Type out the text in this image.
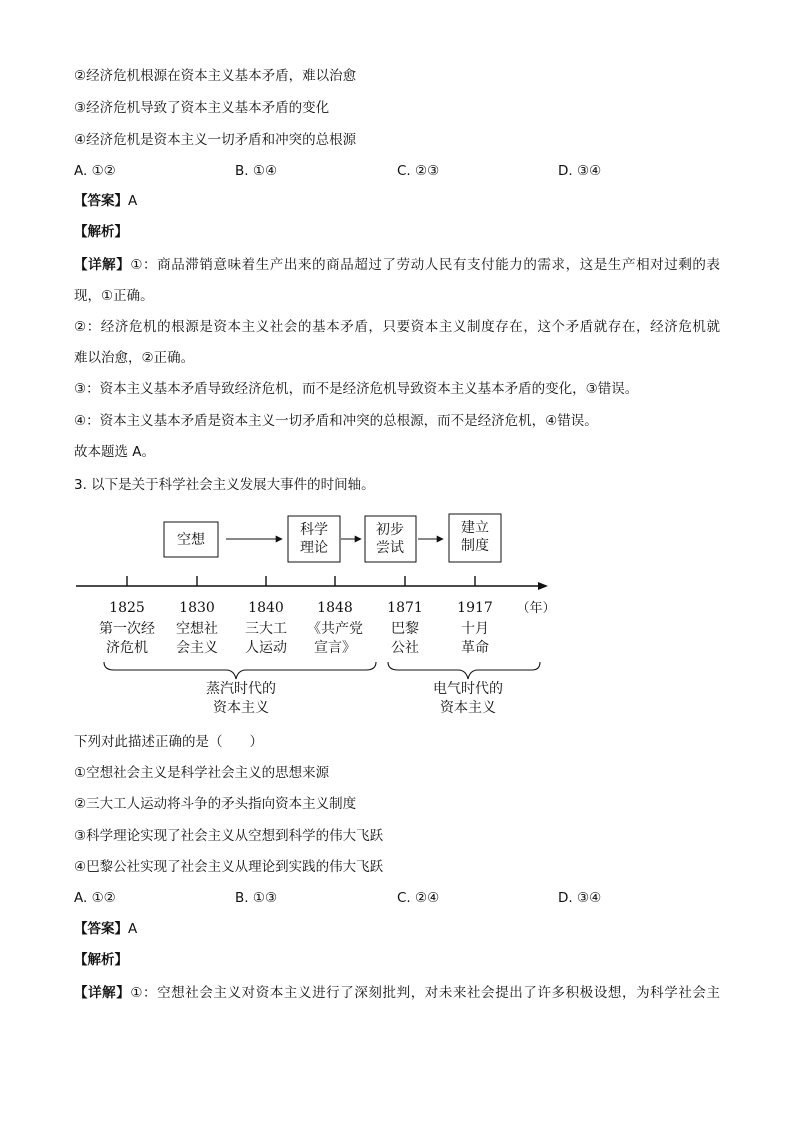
②经济危机根源在资本主义基本矛盾，难以治愈
③经济危机导致了资本主义基本矛盾的变化
④经济危机是资本主义一切矛盾和冲突的总根源
A. ①②	B. ①④	C. ②③	D. ③④
【答案】A
【解析】
【详解】①：商品滞销意味着生产出来的商品超过了劳动人民有支付能力的需求，这是生产相对过剩的表
现，①正确。
②：经济危机的根源是资本主义社会的基本矛盾，只要资本主义制度存在，这个矛盾就存在，经济危机就
难以治愈，②正确。
③：资本主义基本矛盾导致经济危机，而不是经济危机导致资本主义基本矛盾的变化，③错误。
④：资本主义基本矛盾是资本主义一切矛盾和冲突的总根源，而不是经济危机，④错误。
故本题选 A。
3. 以下是关于科学社会主义发展大事件的时间轴。
空想
科学理论
初步尝试
建立制度
1825 1830 1840 1848 1871 1917 （年）
第一次经济危机
空想社会主义
三大工人运动
《共产党宣言》
巴黎公社
十月革命
蒸汽时代的资本主义
电气时代的资本主义
下列对此描述正确的是（　　）
①空想社会主义是科学社会主义的思想来源
②三大工人运动将斗争的矛头指向资本主义制度
③科学理论实现了社会主义从空想到科学的伟大飞跃
④巴黎公社实现了社会主义从理论到实践的伟大飞跃
A. ①②	B. ①③	C. ②④	D. ③④
【答案】A
【解析】
【详解】①：空想社会主义对资本主义进行了深刻批判，对未来社会提出了许多积极设想，为科学社会主
